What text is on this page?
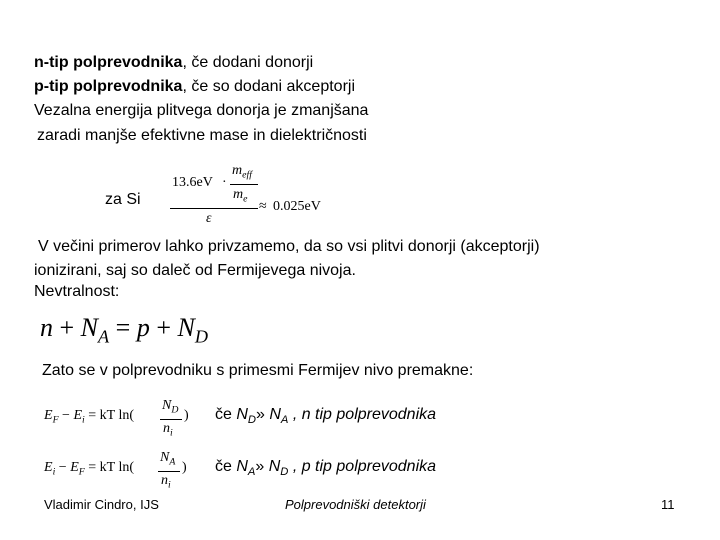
n-tip polprevodnika, če dodani donorji
p-tip polprevodnika, če so dodani akceptorji
Vezalna energija plitvega donorja je zmanjšana
zaradi manjše efektivne mase in dielektričnosti
za Si
13.6eV ·
$m_{eff}$
$m_e$
ε
≈ 0.025eV
V večini primerov lahko privzamemo, da so vsi plitvi donorji (akceptorji)
ionizirani, saj so daleč od Fermijevega nivoja.
Nevtralnost:
$n + N_A = p + N_D$
Zato se v polprevodniku s primesmi Fermijev nivo premakne:
$E_F - E_i$ = kT ln(
$N_D$
$n_i$
) če $N_D$» $N_A$ , n tip polprevodnika
$E_i - E_F$ = kT ln(
$N_A$
$n_i$
) če $N_A$» $N_D$ , p tip polprevodnika
Vladimir Cindro, IJS	Polprevodniški detektorji	11
